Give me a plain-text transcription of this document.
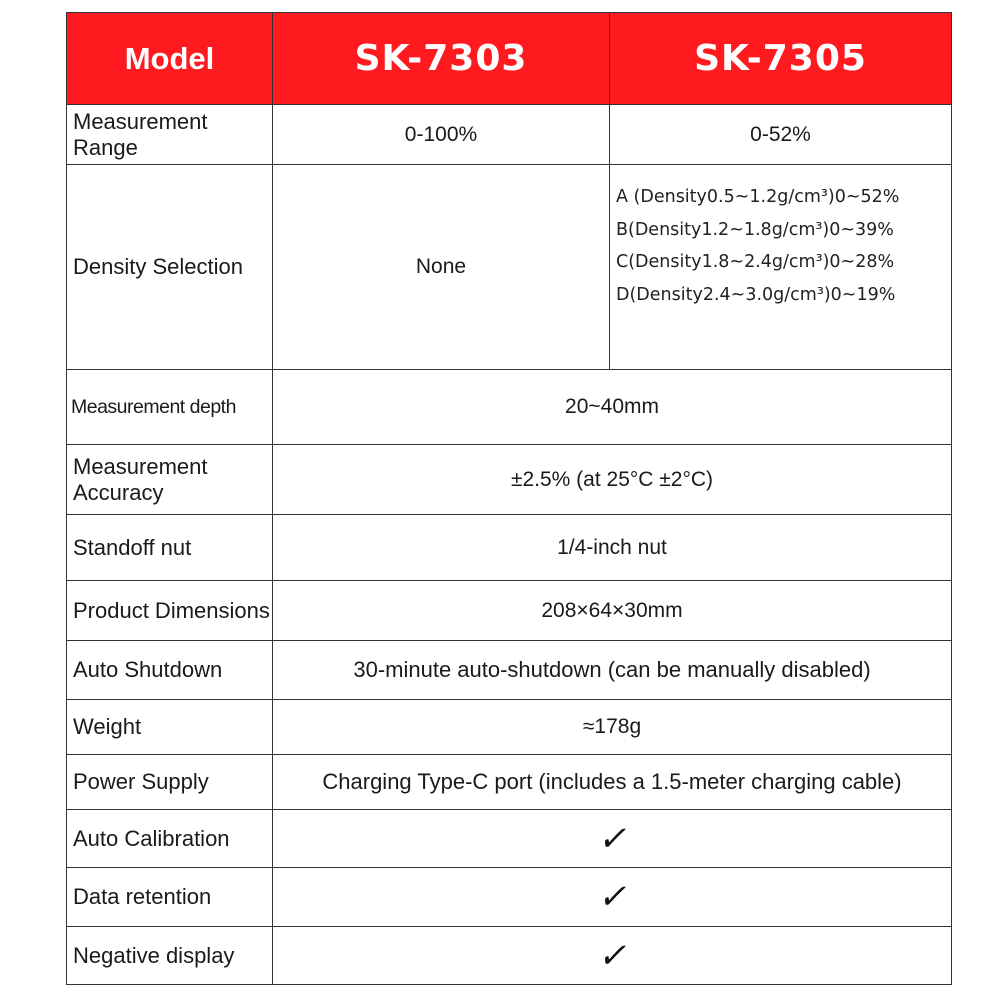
Model	SK-7303	SK-7305
Measurement Range	0-100%	0-52%
Density Selection	None	A (Density0.5~1.2g/cm³)0~52%
B(Density1.2~1.8g/cm³)0~39%
C(Density1.8~2.4g/cm³)0~28%
D(Density2.4~3.0g/cm³)0~19%

Measurement depth	20~40mm	
Measurement Accuracy	±2.5% (at 25°C ±2°C)	
Standoff nut	1/4-inch nut	
Product Dimensions	208×64×30mm	
Auto Shutdown	30-minute auto-shutdown (can be manually disabled)	
Weight	≈178g	
Power Supply	Charging Type-C port (includes a 1.5-meter charging cable)	
Auto Calibration	✓	
Data retention	✓	
Negative display	✓	
